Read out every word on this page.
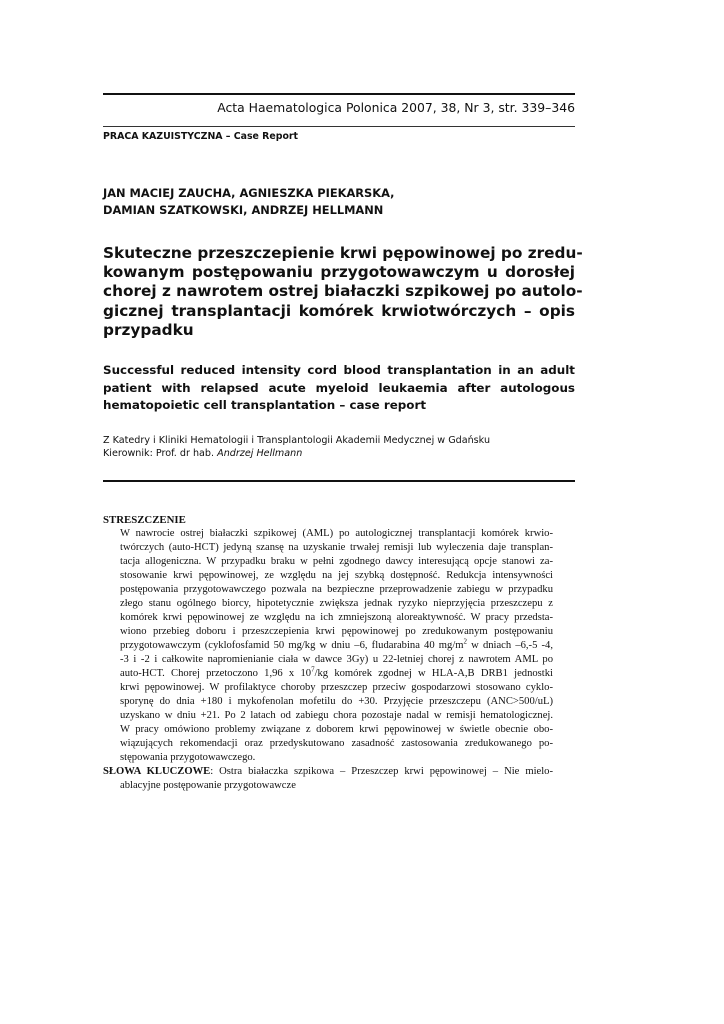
Acta Haematologica Polonica 2007, 38, Nr 3, str. 339–346
PRACA KAZUISTYCZNA – Case Report
JAN MACIEJ ZAUCHA, AGNIESZKA PIEKARSKA,
DAMIAN SZATKOWSKI, ANDRZEJ HELLMANN
Skuteczne przeszczepienie krwi pępowinowej po zredu-
kowanym postępowaniu przygotowawczym u dorosłej
chorej z nawrotem ostrej białaczki szpikowej po autolo-
gicznej transplantacji komórek krwiotwórczych – opis
przypadku
Successful reduced intensity cord blood transplantation in an adult
patient with relapsed acute myeloid leukaemia after autologous
hematopoietic cell transplantation – case report
Z Katedry i Kliniki Hematologii i Transplantologii Akademii Medycznej w Gdańsku
Kierownik: Prof. dr hab. Andrzej Hellmann
STRESZCZENIE
W nawrocie ostrej białaczki szpikowej (AML) po autologicznej transplantacji komórek krwio-
twórczych (auto-HCT) jedyną szansę na uzyskanie trwałej remisji lub wyleczenia daje transplan-
tacja allogeniczna. W przypadku braku w pełni zgodnego dawcy interesującą opcje stanowi za-
stosowanie krwi pępowinowej, ze względu na jej szybką dostępność. Redukcja intensywności
postępowania przygotowawczego pozwala na bezpieczne przeprowadzenie zabiegu w przypadku
złego stanu ogólnego biorcy, hipotetycznie zwiększa jednak ryzyko nieprzyjęcia przeszczepu z
komórek krwi pępowinowej ze względu na ich zmniejszoną aloreaktywność. W pracy przedsta-
wiono przebieg doboru i przeszczepienia krwi pępowinowej po zredukowanym postępowaniu
przygotowawczym (cyklofosfamid 50 mg/kg w dniu –6, fludarabina 40 $mg/m^2$ w dniach –6,-5 -4,
-3 i -2 i całkowite napromienianie ciała w dawce 3Gy) u 22-letniej chorej z nawrotem AML po
auto-HCT. Chorej przetoczono 1,96 x $10^7/kg$ komórek zgodnej w HLA-A,B DRB1 jednostki
krwi pępowinowej. W profilaktyce choroby przeszczep przeciw gospodarzowi stosowano cyklo-
sporynę do dnia +180 i mykofenolan mofetilu do +30. Przyjęcie przeszczepu (ANC>500/uL)
uzyskano w dniu +21. Po 2 latach od zabiegu chora pozostaje nadal w remisji hematologicznej.
W pracy omówiono problemy związane z doborem krwi pępowinowej w świetle obecnie obo-
wiązujących rekomendacji oraz przedyskutowano zasadność zastosowania zredukowanego po-
stępowania przygotowawczego.
SŁOWA KLUCZOWE: Ostra białaczka szpikowa – Przeszczep krwi pępowinowej – Nie mielo-
ablacyjne postępowanie przygotowawcze
